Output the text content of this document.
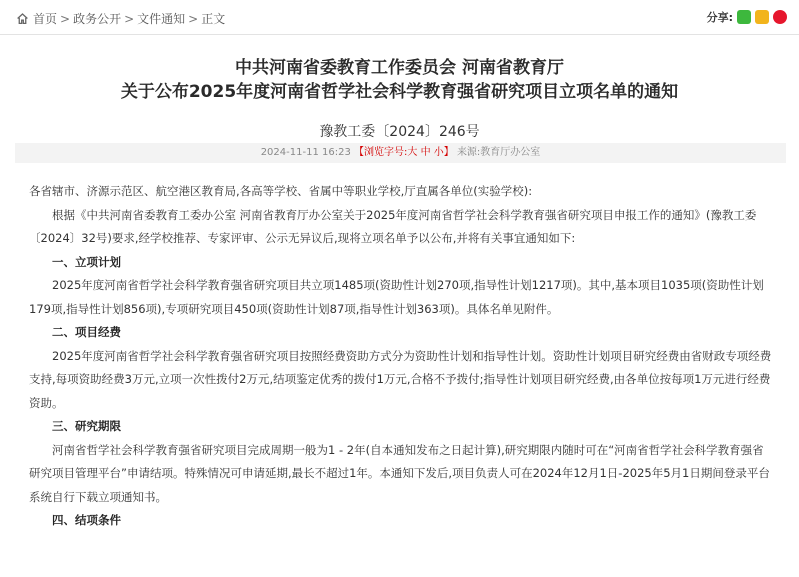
首页 > 政务公开 > 文件通知 > 正文	分享:
中共河南省委教育工作委员会 河南省教育厅
关于公布2025年度河南省哲学社会科学教育强省研究项目立项名单的通知
豫教工委〔2024〕246号
2024-11-11 16:23 【浏览字号:大 中 小】 来源:教育厅办公室

各省辖市、济源示范区、航空港区教育局,各高等学校、省属中等职业学校,厅直属各单位(实验学校):

根据《中共河南省委教育工委办公室 河南省教育厅办公室关于2025年度河南省哲学社会科学教育强省研究项目申报工作的通知》(豫教工委〔2024〕32号)要求,经学校推荐、专家评审、公示无异议后,现将立项名单予以公布,并将有关事宜通知如下:

一、立项计划

2025年度河南省哲学社会科学教育强省研究项目共立项1485项(资助性计划270项,指导性计划1217项)。其中,基本项目1035项(资助性计划179项,指导性计划856项),专项研究项目450项(资助性计划87项,指导性计划363项)。具体名单见附件。

二、项目经费

2025年度河南省哲学社会科学教育强省研究项目按照经费资助方式分为资助性计划和指导性计划。资助性计划项目研究经费由省财政专项经费支持,每项资助经费3万元,立项一次性拨付2万元,结项鉴定优秀的拨付1万元,合格不予拨付;指导性计划项目研究经费,由各单位按每项1万元进行经费资助。

三、研究期限

河南省哲学社会科学教育强省研究项目完成周期一般为1 - 2年(自本通知发布之日起计算),研究期限内随时可在“河南省哲学社会科学教育强省研究项目管理平台”申请结项。特殊情况可申请延期,最长不超过1年。本通知下发后,项目负责人可在2024年12月1日-2025年5月1日期间登录平台系统自行下载立项通知书。

四、结项条件
